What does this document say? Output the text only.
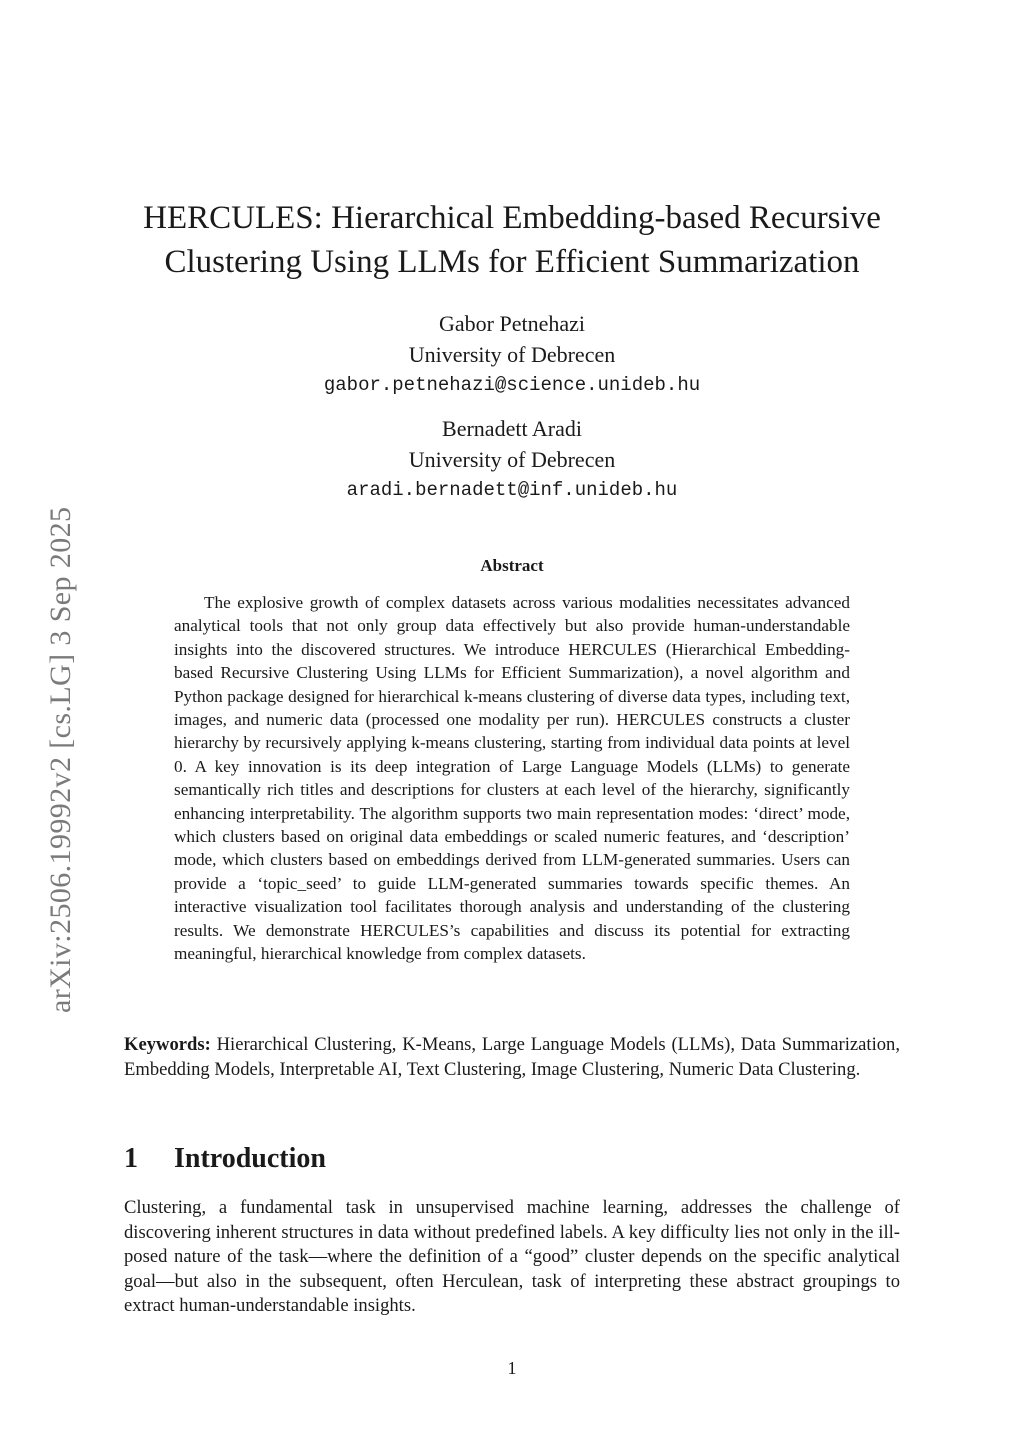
arXiv:2506.19992v2 [cs.LG] 3 Sep 2025
HERCULES: Hierarchical Embedding-based Recursive Clustering Using LLMs for Efficient Summarization
Gabor Petnehazi
University of Debrecen
gabor.petnehazi@science.unideb.hu
Bernadett Aradi
University of Debrecen
aradi.bernadett@inf.unideb.hu
Abstract

The explosive growth of complex datasets across various modalities necessitates advanced analytical tools that not only group data effectively but also provide human-understandable insights into the discovered structures. We introduce HERCULES (Hierarchical Embedding-based Recursive Clustering Using LLMs for Efficient Summarization), a novel algorithm and Python package designed for hierarchical k-means clustering of diverse data types, including text, images, and numeric data (processed one modality per run). HERCULES constructs a cluster hierarchy by recursively applying k-means clustering, starting from individual data points at level 0. A key innovation is its deep integration of Large Language Models (LLMs) to generate semantically rich titles and descriptions for clusters at each level of the hierarchy, significantly enhancing interpretability. The algorithm supports two main representation modes: ‘direct’ mode, which clusters based on original data embeddings or scaled numeric features, and ‘description’ mode, which clusters based on embeddings derived from LLM-generated summaries. Users can provide a ‘topic_seed’ to guide LLM-generated summaries towards specific themes. An interactive visualization tool facilitates thorough analysis and understanding of the clustering results. We demonstrate HERCULES’s capabilities and discuss its potential for extracting meaningful, hierarchical knowledge from complex datasets.

Keywords: Hierarchical Clustering, K-Means, Large Language Models (LLMs), Data Summarization, Embedding Models, Interpretable AI, Text Clustering, Image Clustering, Numeric Data Clustering.

1 Introduction

Clustering, a fundamental task in unsupervised machine learning, addresses the challenge of discovering inherent structures in data without predefined labels. A key difficulty lies not only in the ill-posed nature of the task—where the definition of a “good” cluster depends on the specific analytical goal—but also in the subsequent, often Herculean, task of interpreting these abstract groupings to extract human-understandable insights.

1
